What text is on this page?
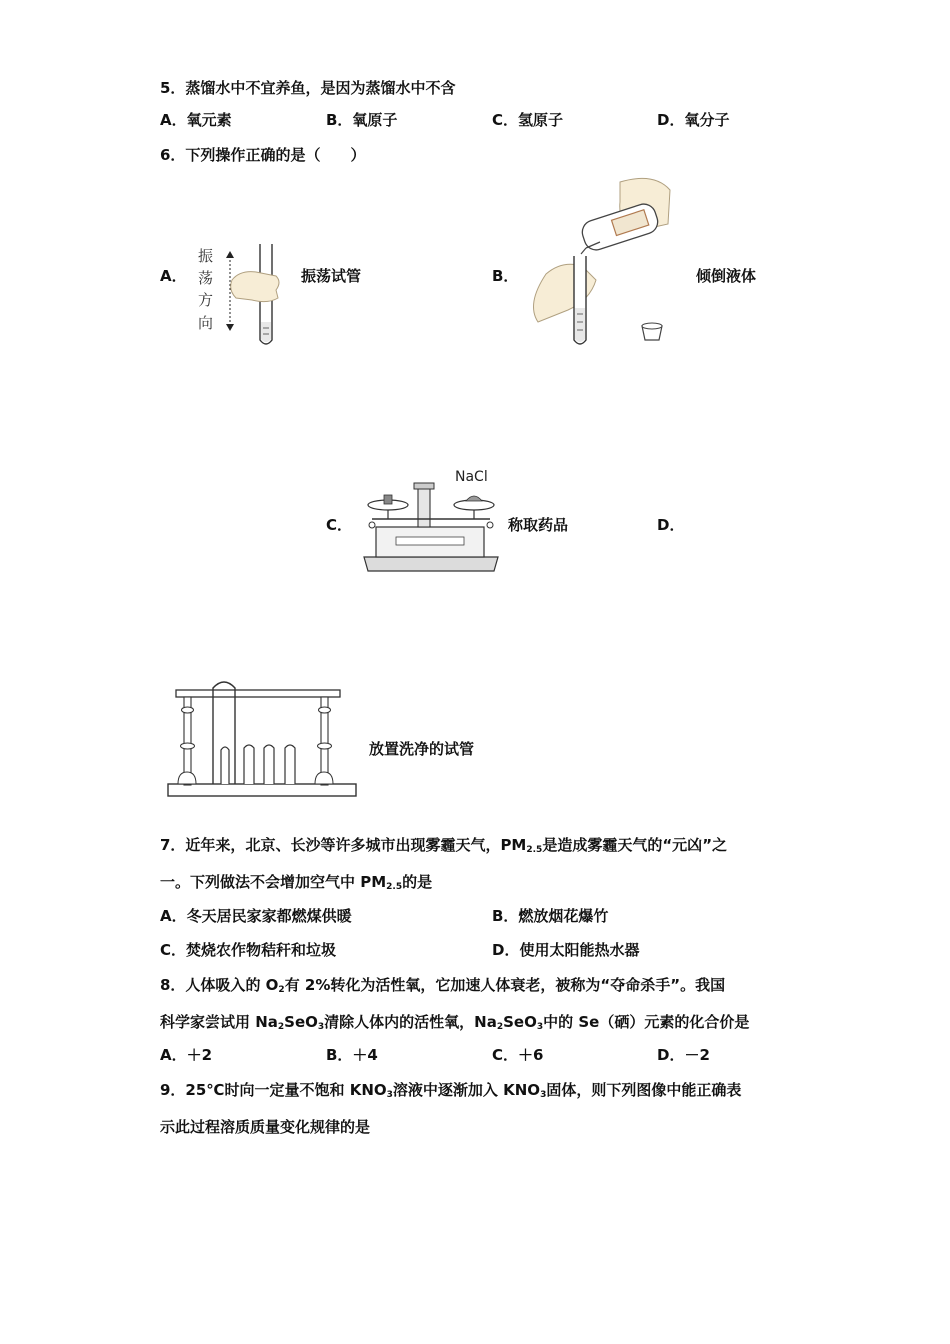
5．蒸馏水中不宜养鱼，是因为蒸馏水中不含
A．氧元素	B．氧原子	C．氢原子	D．氧分子
6．下列操作正确的是（　　）
A．
振
荡
方
向
振荡试管	B．	倾倒液体
C．
NaCl
称取药品	D．
放置洗净的试管
7．近年来，北京、长沙等许多城市出现雾霾天气，$PM_{2.5}$是造成雾霾天气的“元凶”之
一。下列做法不会增加空气中 $PM_{2.5}$的是
A．冬天居民家家都燃煤供暖	B．燃放烟花爆竹
C．焚烧农作物秸秆和垃圾	D．使用太阳能热水器
8．人体吸入的 $O_2$有 2%转化为活性氧，它加速人体衰老，被称为“夺命杀手”。我国
科学家尝试用 $Na_2SeO_3$清除人体内的活性氧，$Na_2SeO_3$中的 Se（硒）元素的化合价是
A．＋2	B．＋4	C．＋6	D．－2
9．25℃时向一定量不饱和 $KNO_3$溶液中逐渐加入 $KNO_3$固体，则下列图像中能正确表
示此过程溶质质量变化规律的是
